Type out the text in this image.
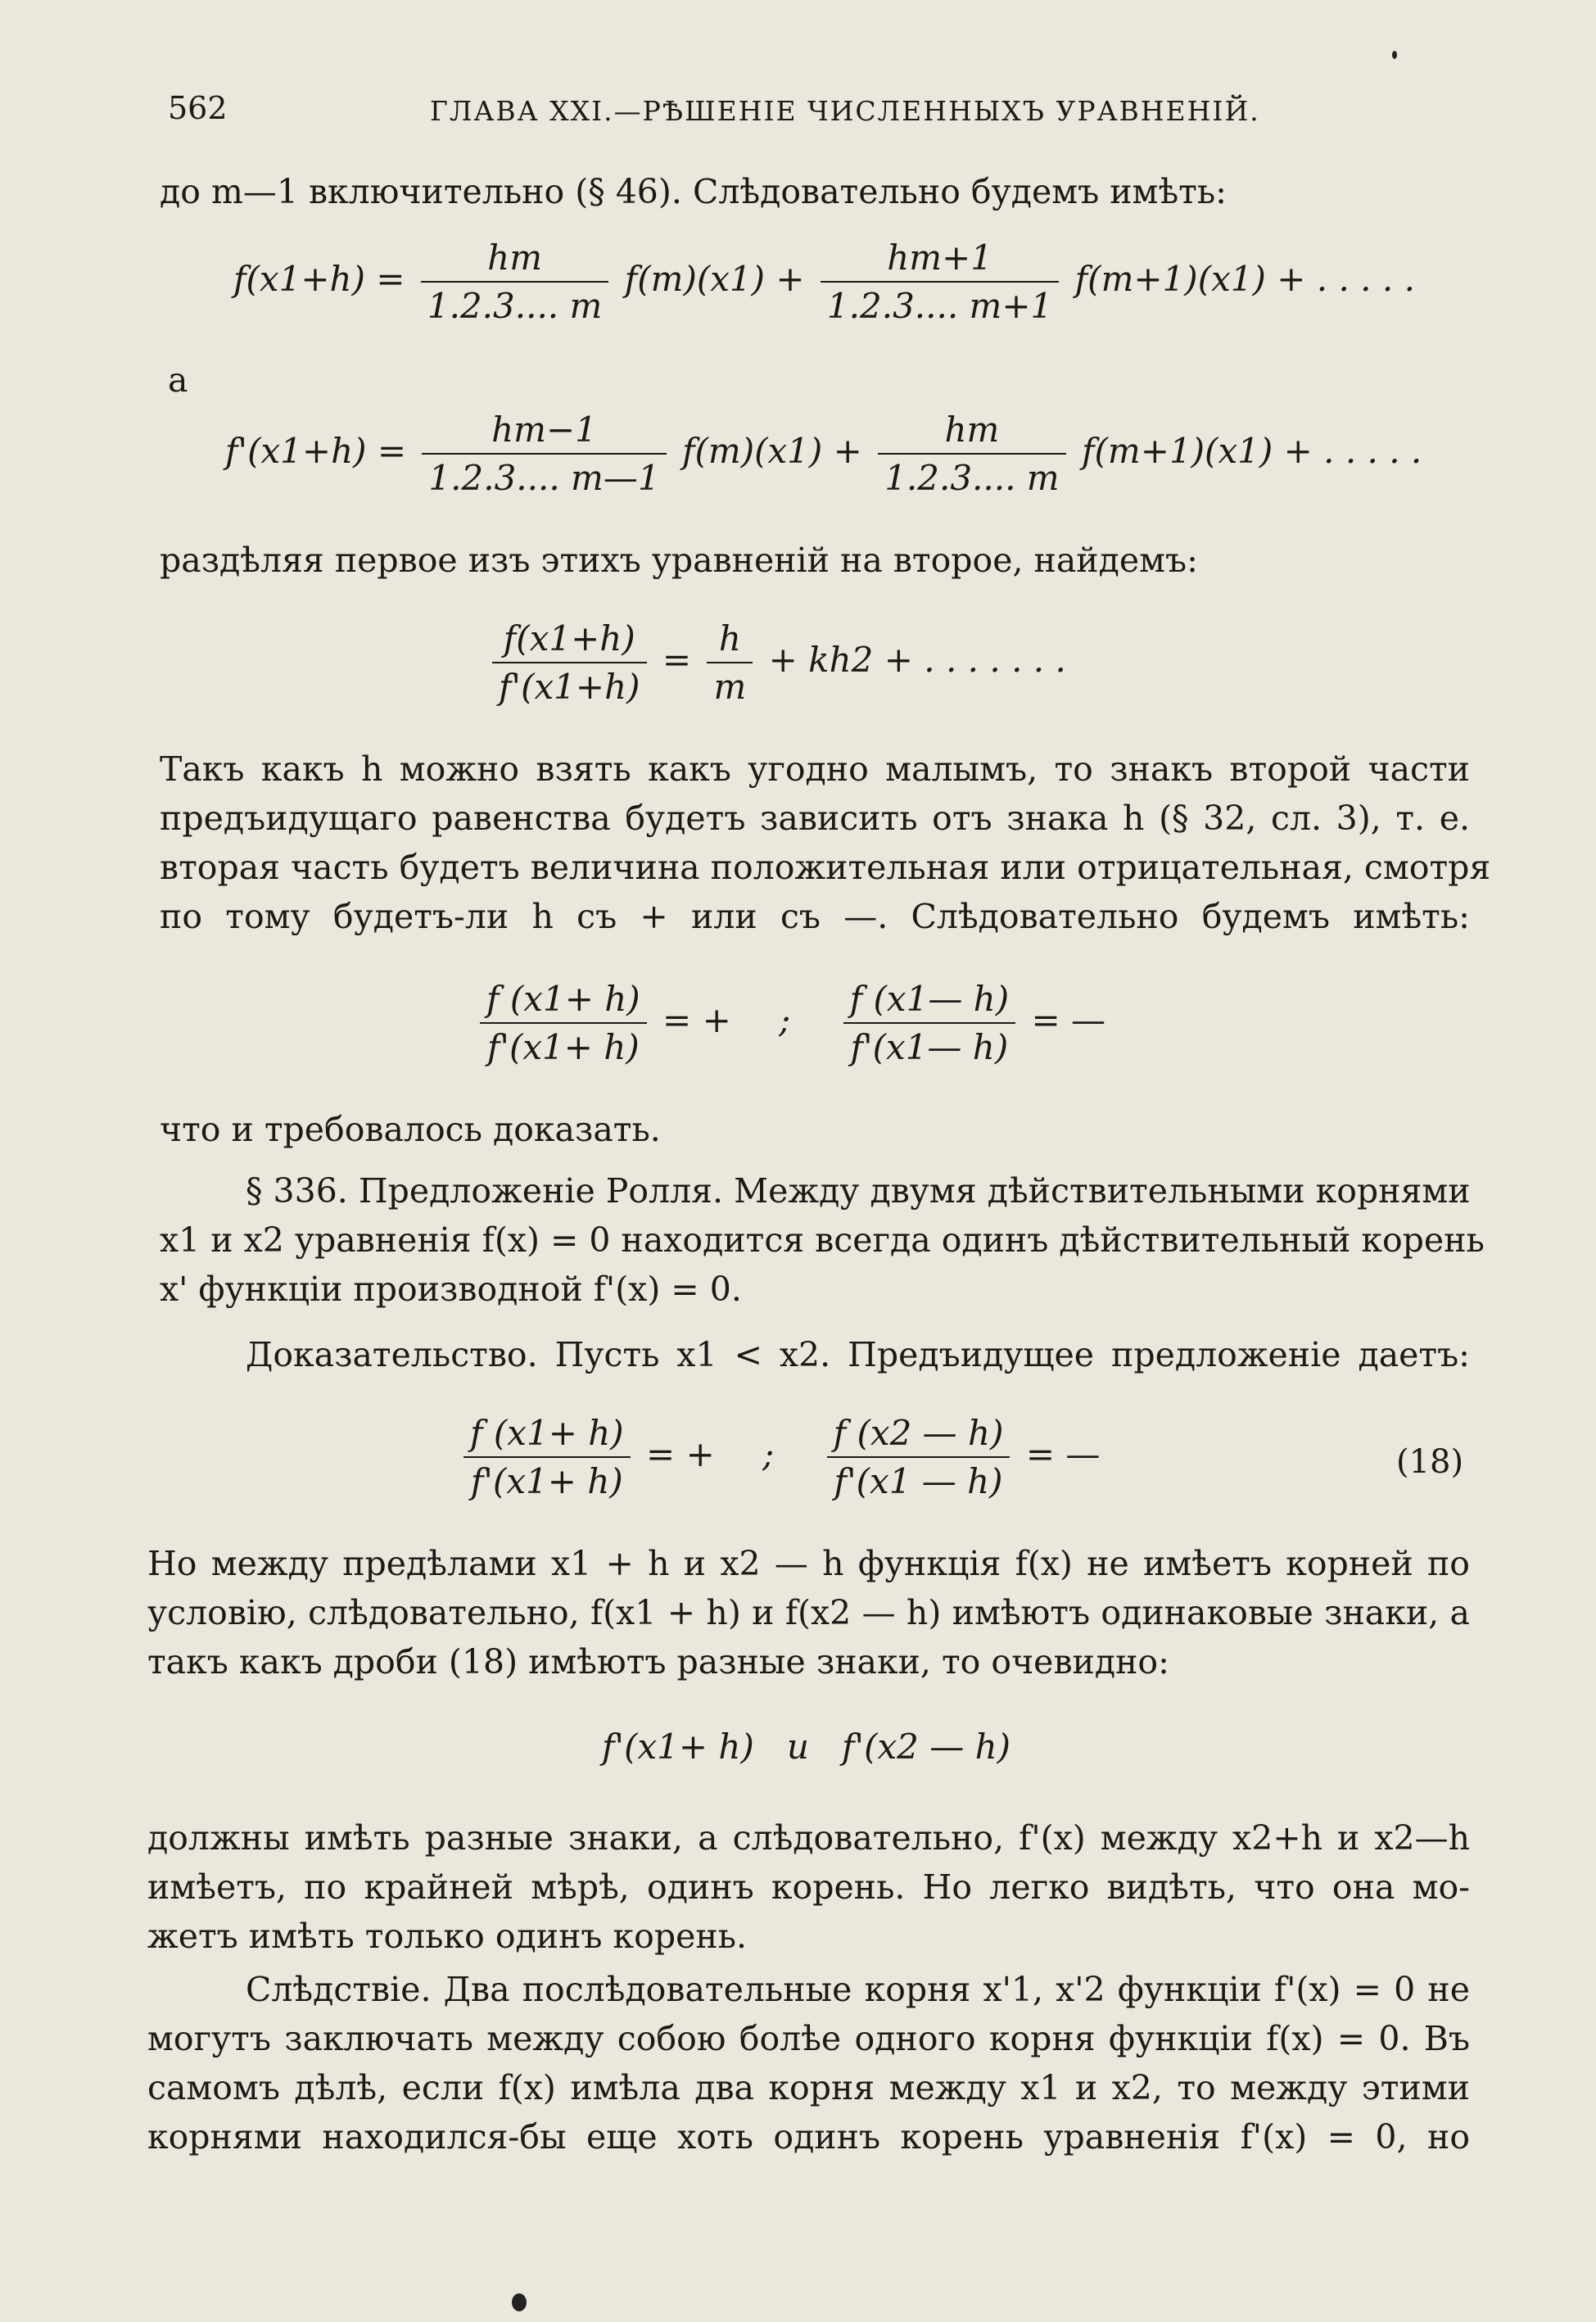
562	ГЛАВА XXI.—РѢШЕНІЕ ЧИСЛЕННЫХЪ УРАВНЕНІЙ.
до m—1 включительно (§ 46). Слѣдовательно будемъ имѣть:
$f(x1+h) = \frac{hm}{1.2.3.... m} f(m)(x1) + \frac{hm+1}{1.2.3.... m+1} f(m+1)(x1)$ + . . . . .
а
$f'(x1+h) = \frac{hm-1}{1.2.3.... m—1} f(m)(x1) + \frac{hm}{1.2.3.... m} f(m+1)(x1)$ + . . . . .
раздѣляя первое изъ этихъ уравненій на второе, найдемъ:
$\frac{f(x1+h)}{f'(x1+h)} = \frac{h}{m} + kh2$ + . . . . . . .
Такъ какъ h можно взять какъ угодно малымъ, то знакъ второй части
предъидущаго равенства будетъ зависить отъ знака h (§ 32, сл. 3), т. е.
вторая часть будетъ величина положительная или отрицательная, смотря
по тому будетъ-ли h съ + или съ —. Слѣдовательно будемъ имѣть:
$\frac{f (x1+ h)}{f'(x1+ h)}$ = + ; $\frac{f (x1— h)}{f'(x1— h)}$ = —
что и требовалось доказать.
§ 336. Предложеніе Ролля. Между двумя дѣйствительными корнями
x1 и x2 уравненія f(x) = 0 находится всегда одинъ дѣйствительный корень
x' функціи производной f'(x) = 0.
Доказательство. Пусть x1 < x2. Предъидущее предложеніе даетъ:
$\frac{f (x1+ h)}{f'(x1+ h)}$ = + ; $\frac{f (x2 — h)}{f'(x1 — h)}$ = —	(18)
Но между предѣлами x1 + h и x2 — h функція f(x) не имѣетъ корней по
условію, слѣдовательно, f(x1 + h) и f(x2 — h) имѣютъ одинаковые знаки, а
такъ какъ дроби (18) имѣютъ разные знаки, то очевидно:
f'(x1+ h)   и   f'(x2 — h)
должны имѣть разные знаки, а слѣдовательно, f'(x) между x2+h и x2—h
имѣетъ, по крайней мѣрѣ, одинъ корень. Но легко видѣть, что она мо-
жетъ имѣть только одинъ корень.
Слѣдствіе. Два послѣдовательные корня x'1, x'2 функціи f'(x) = 0 не
могутъ заключать между собою болѣе одного корня функціи f(x) = 0. Въ
самомъ дѣлѣ, если f(x) имѣла два корня между x1 и x2, то между этими
корнями находился-бы еще хоть одинъ корень уравненія f'(x) = 0, но
